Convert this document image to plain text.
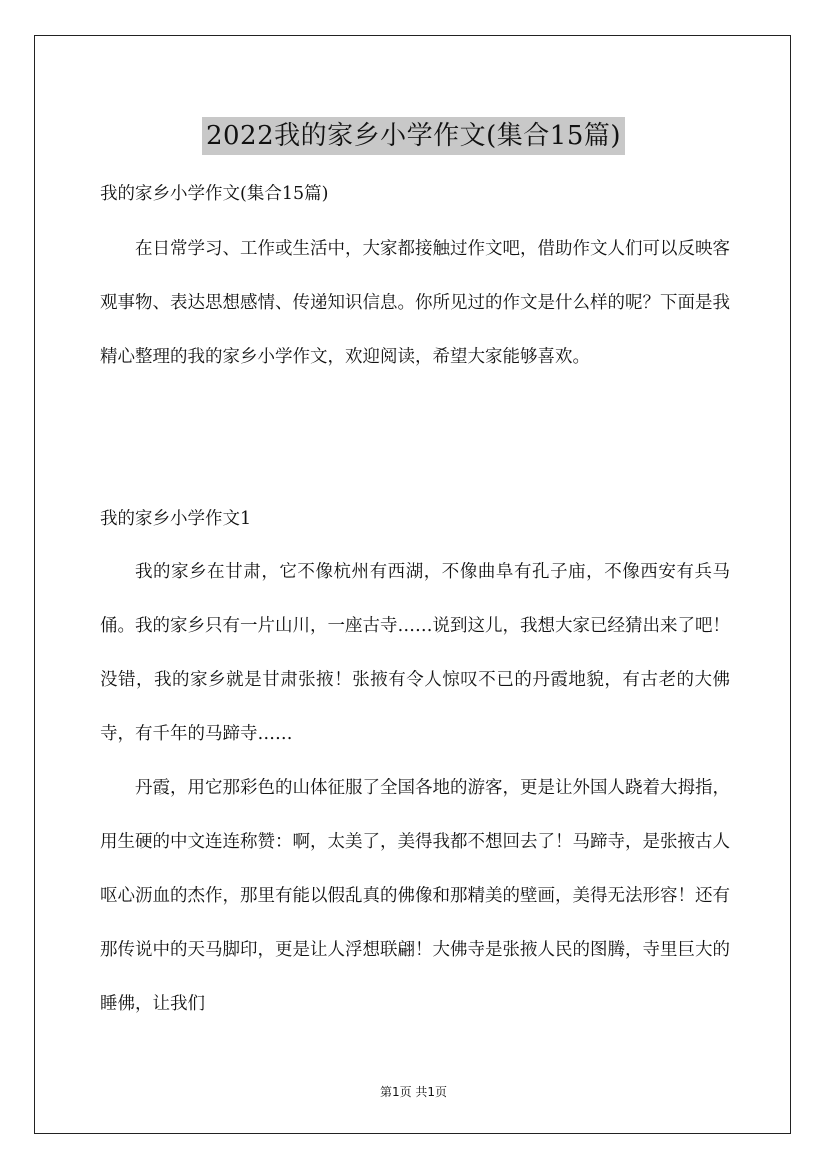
2022我的家乡小学作文(集合15篇)
我的家乡小学作文(集合15篇)

在日常学习、工作或生活中，大家都接触过作文吧，借助作文人们可以反映客观事物、表达思想感情、传递知识信息。你所见过的作文是什么样的呢？下面是我精心整理的我的家乡小学作文，欢迎阅读，希望大家能够喜欢。

我的家乡小学作文1

我的家乡在甘肃，它不像杭州有西湖，不像曲阜有孔子庙，不像西安有兵马俑。我的家乡只有一片山川，一座古寺……说到这儿，我想大家已经猜出来了吧！没错，我的家乡就是甘肃张掖！张掖有令人惊叹不已的丹霞地貌，有古老的大佛寺，有千年的马蹄寺……

丹霞，用它那彩色的山体征服了全国各地的游客，更是让外国人跷着大拇指，用生硬的中文连连称赞：啊，太美了，美得我都不想回去了！马蹄寺，是张掖古人呕心沥血的杰作，那里有能以假乱真的佛像和那精美的壁画，美得无法形容！还有那传说中的天马脚印，更是让人浮想联翩！大佛寺是张掖人民的图腾，寺里巨大的睡佛，让我们

第1页 共1页
